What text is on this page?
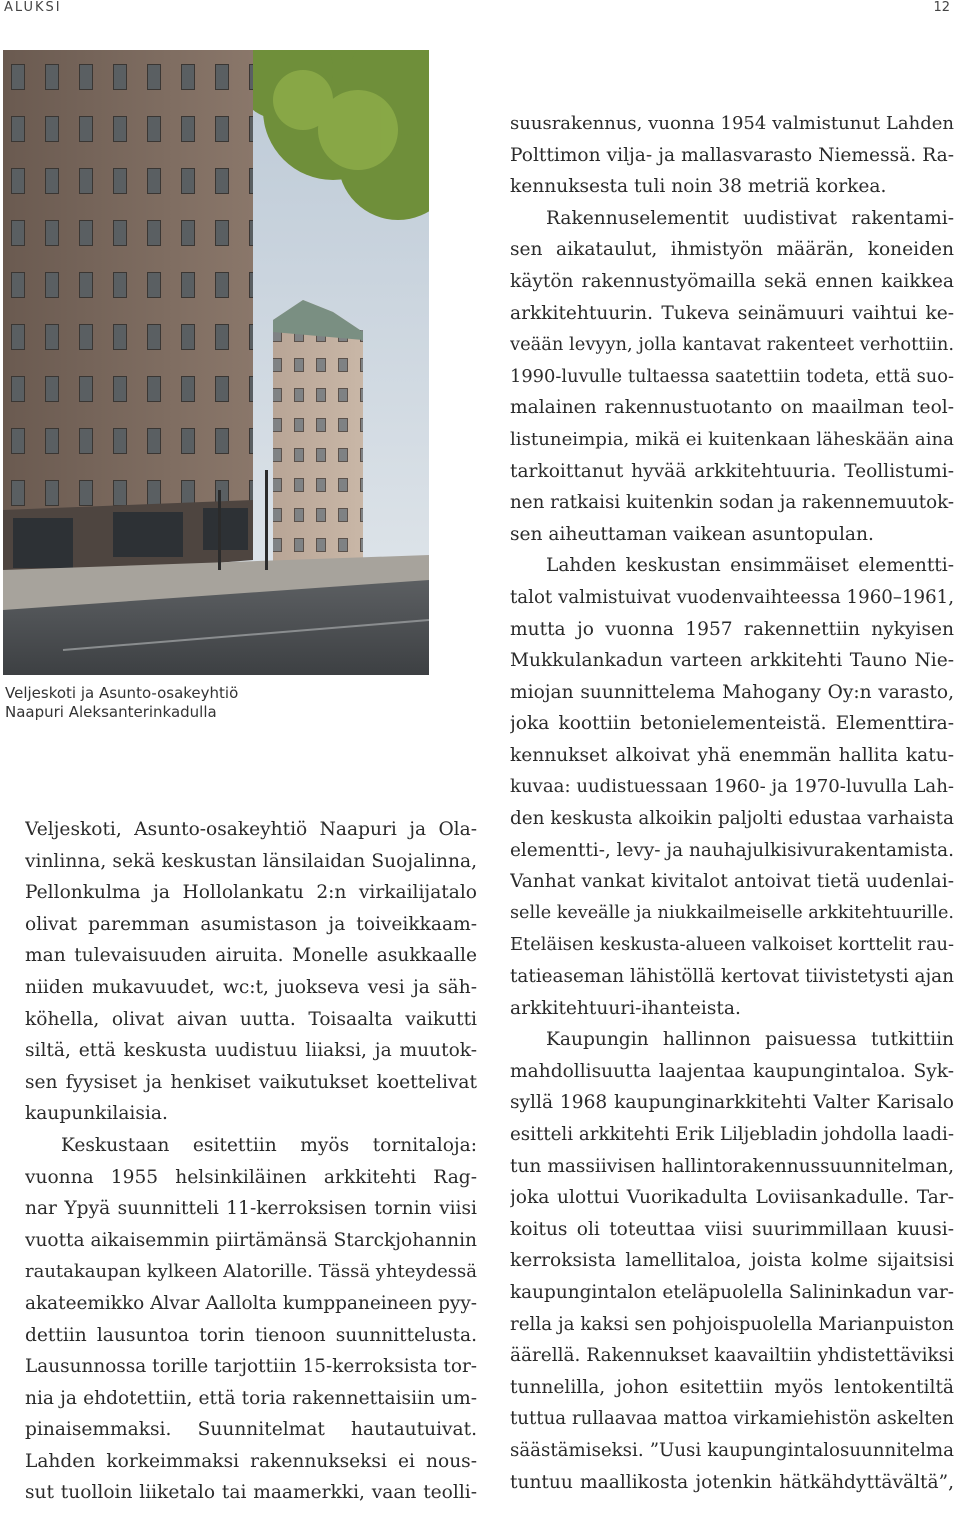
ALUKSI	12
Veljeskoti ja Asunto-osakeyhtiö
Naapuri Aleksanterinkadulla

Veljeskoti, Asunto-osakeyhtiö Naapuri ja Ola-
vinlinna, sekä keskustan länsilaidan Suojalinna,
Pellonkulma ja Hollolankatu 2:n virkailijatalo
olivat paremman asumistason ja toiveikkaam-
man tulevaisuuden airuita. Monelle asukkaalle
niiden mukavuudet, wc:t, juokseva vesi ja säh-
köhella, olivat aivan uutta. Toisaalta vaikutti
siltä, että keskusta uudistuu liiaksi, ja muutok-
sen fyysiset ja henkiset vaikutukset koettelivat
kaupunkilaisia.

Keskustaan esitettiin myös tornitaloja:
vuonna 1955 helsinkiläinen arkkitehti Rag-
nar Ypyä suunnitteli 11-kerroksisen tornin viisi
vuotta aikaisemmin piirtämänsä Starckjohannin
rautakaupan kylkeen Alatorille. Tässä yhteydessä
akateemikko Alvar Aallolta kumppaneineen pyy-
dettiin lausuntoa torin tienoon suunnittelusta.
Lausunnossa torille tarjottiin 15-kerroksista tor-
nia ja ehdotettiin, että toria rakennettaisiin um-
pinaisemmaksi. Suunnitelmat hautautuivat.
Lahden korkeimmaksi rakennukseksi ei nous-
sut tuolloin liiketalo tai maamerkki, vaan teolli-

suusrakennus, vuonna 1954 valmistunut Lahden
Polttimon vilja- ja mallasvarasto Niemessä. Ra-
kennuksesta tuli noin 38 metriä korkea.

Rakennuselementit uudistivat rakentami-
sen aikataulut, ihmistyön määrän, koneiden
käytön rakennustyömailla sekä ennen kaikkea
arkkitehtuurin. Tukeva seinämuuri vaihtui ke-
veään levyyn, jolla kantavat rakenteet verhottiin.
1990-luvulle tultaessa saatettiin todeta, että suo-
malainen rakennustuotanto on maailman teol-
listuneimpia, mikä ei kuitenkaan läheskään aina
tarkoittanut hyvää arkkitehtuuria. Teollistumi-
nen ratkaisi kuitenkin sodan ja rakennemuutok-
sen aiheuttaman vaikean asuntopulan.

Lahden keskustan ensimmäiset elementti-
talot valmistuivat vuodenvaihteessa 1960–1961,
mutta jo vuonna 1957 rakennettiin nykyisen
Mukkulankadun varteen arkkitehti Tauno Nie-
miojan suunnittelema Mahogany Oy:n varasto,
joka koottiin betonielementeistä. Elementtira-
kennukset alkoivat yhä enemmän hallita katu-
kuvaa: uudistuessaan 1960- ja 1970-luvulla Lah-
den keskusta alkoikin paljolti edustaa varhaista
elementti-, levy- ja nauhajulkisivurakentamista.
Vanhat vankat kivitalot antoivat tietä uudenlai-
selle keveälle ja niukkailmeiselle arkkitehtuurille.
Eteläisen keskusta-alueen valkoiset korttelit rau-
tatieaseman lähistöllä kertovat tiivistetysti ajan
arkkitehtuuri-ihanteista.

Kaupungin hallinnon paisuessa tutkittiin
mahdollisuutta laajentaa kaupungintaloa. Syk-
syllä 1968 kaupunginarkkitehti Valter Karisalo
esitteli arkkitehti Erik Liljebladin johdolla laadi-
tun massiivisen hallintorakennussuunnitelman,
joka ulottui Vuorikadulta Loviisankadulle. Tar-
koitus oli toteuttaa viisi suurimmillaan kuusi-
kerroksista lamellitaloa, joista kolme sijaitsisi
kaupungintalon eteläpuolella Salininkadun var-
rella ja kaksi sen pohjoispuolella Marianpuiston
äärellä. Rakennukset kaavailtiin yhdistettäviksi
tunnelilla, johon esitettiin myös lentokentiltä
tuttua rullaavaa mattoa virkamiehistön askelten
säästämiseksi. ”Uusi kaupungintalosuunnitelma
tuntuu maallikosta jotenkin hätkähdyttävältä”,
